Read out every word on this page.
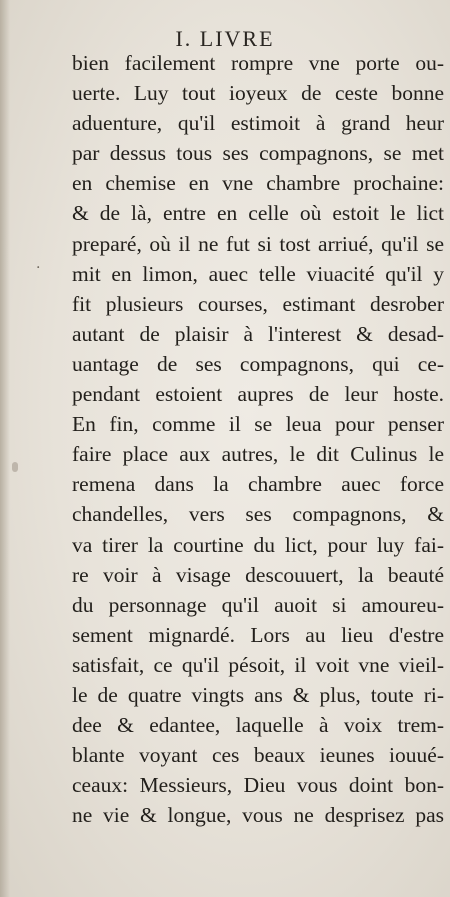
I. LIVRE
.
bien facilement rompre vne porte ou-
uerte. Luy tout ioyeux de ceste bonne
aduenture, qu'il estimoit à grand heur
par dessus tous ses compagnons, se met
en chemise en vne chambre prochaine:
& de là, entre en celle où estoit le lict
preparé, où il ne fut si tost arriué, qu'il se
mit en limon, auec telle viuacité qu'il y
fit plusieurs courses, estimant desrober
autant de plaisir à l'interest & desad-
uantage de ses compagnons, qui ce-
pendant estoient aupres de leur hoste.
En fin, comme il se leua pour penser
faire place aux autres, le dit Culinus le
remena dans la chambre auec force
chandelles, vers ses compagnons, &
va tirer la courtine du lict, pour luy fai-
re voir à visage descouuert, la beauté
du personnage qu'il auoit si amoureu-
sement mignardé. Lors au lieu d'estre
satisfait, ce qu'il pésoit, il voit vne vieil-
le de quatre vingts ans & plus, toute ri-
dee & edantee, laquelle à voix trem-
blante voyant ces beaux ieunes iouué-
ceaux: Messieurs, Dieu vous doint bon-
ne vie & longue, vous ne desprisez pas
